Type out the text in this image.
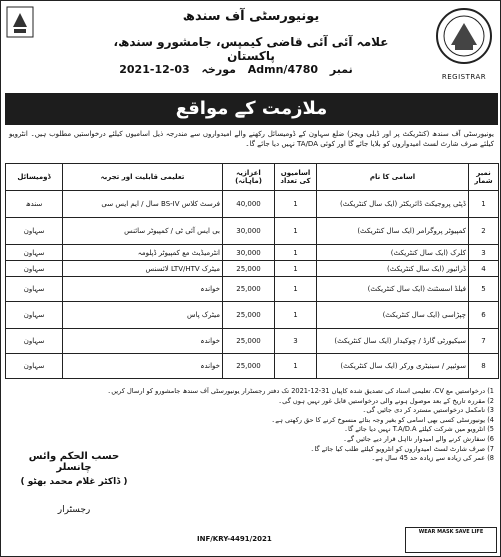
REGISTRAR
یونیورسٹی آف سندھ
علامہ آئی آئی قاضی کیمپس، جامشورو سندھ، پاکستان
نمبر Admn/4780 مورخہ 03-12-2021
ملازمت کے مواقع
یونیورسٹی آف سندھ (کنٹریکٹ پر اور ڈیلی ویجز) ضلع سہاون کے ڈومیسائل رکھنے والے امیدواروں سے مندرجہ ذیل اسامیوں کیلئے درخواستیں مطلوب ہیں۔ انٹرویو کیلئے صرف شارٹ لسٹ امیدواروں کو بلایا جائے گا اور کوئی TA/DA نہیں دیا جائے گا۔
نمبر شمار	اسامی کا نام	اسامیوں کی تعداد	اعزازیہ (ماہانہ)	تعلیمی قابلیت اور تجربہ	ڈومیسائل
1	ڈپٹی پروجیکٹ ڈائریکٹر (ایک سال کنٹریکٹ)	1	40,000	فرسٹ کلاس BS-IV سال / ایم ایس سی	سندھ
2	کمپیوٹر پروگرامر (ایک سال کنٹریکٹ)	1	30,000	بی ایس آئی ٹی / کمپیوٹر سائنس	سہاون
3	کلرک (ایک سال کنٹریکٹ)	1	30,000	انٹرمیڈیٹ مع کمپیوٹر ڈپلومہ	سہاون
4	ڈرائیور (ایک سال کنٹریکٹ)	1	25,000	میٹرک LTV/HTV لائسنس	سہاون
5	فیلڈ اسسٹنٹ (ایک سال کنٹریکٹ)	1	25,000	خواندہ	سہاون
6	چپڑاسی (ایک سال کنٹریکٹ)	1	25,000	میٹرک پاس	سہاون
7	سیکیورٹی گارڈ / چوکیدار (ایک سال کنٹریکٹ)	3	25,000	خواندہ	سہاون
8	سوئیپر / سینیٹری ورکر (ایک سال کنٹریکٹ)	1	25,000	خواندہ	سہاون
1) درخواستیں مع CV، تعلیمی اسناد کی تصدیق شدہ کاپیاں 31-12-2021 تک دفتر رجسٹرار یونیورسٹی آف سندھ جامشورو کو ارسال کریں۔
2) مقررہ تاریخ کے بعد موصول ہونے والی درخواستیں قابل غور نہیں ہوں گی۔
3) نامکمل درخواستیں مسترد کر دی جائیں گی۔
4) یونیورسٹی کسی بھی اسامی کو بغیر وجہ بتائے منسوخ کرنے کا حق رکھتی ہے۔
5) انٹرویو میں شرکت کیلئے T.A/D.A نہیں دیا جائے گا۔
6) سفارش کرنے والے امیدوار نااہل قرار دیے جائیں گے۔
7) صرف شارٹ لسٹ امیدواروں کو انٹرویو کیلئے طلب کیا جائے گا۔
8) عمر کی زیادہ سے زیادہ حد 45 سال ہے۔
حسب الحکم وائس چانسلر
( ڈاکٹر غلام محمد بھٹو )
رجسٹرار
INF/KRY-4491/2021
WEAR MASK SAVE LIFE
